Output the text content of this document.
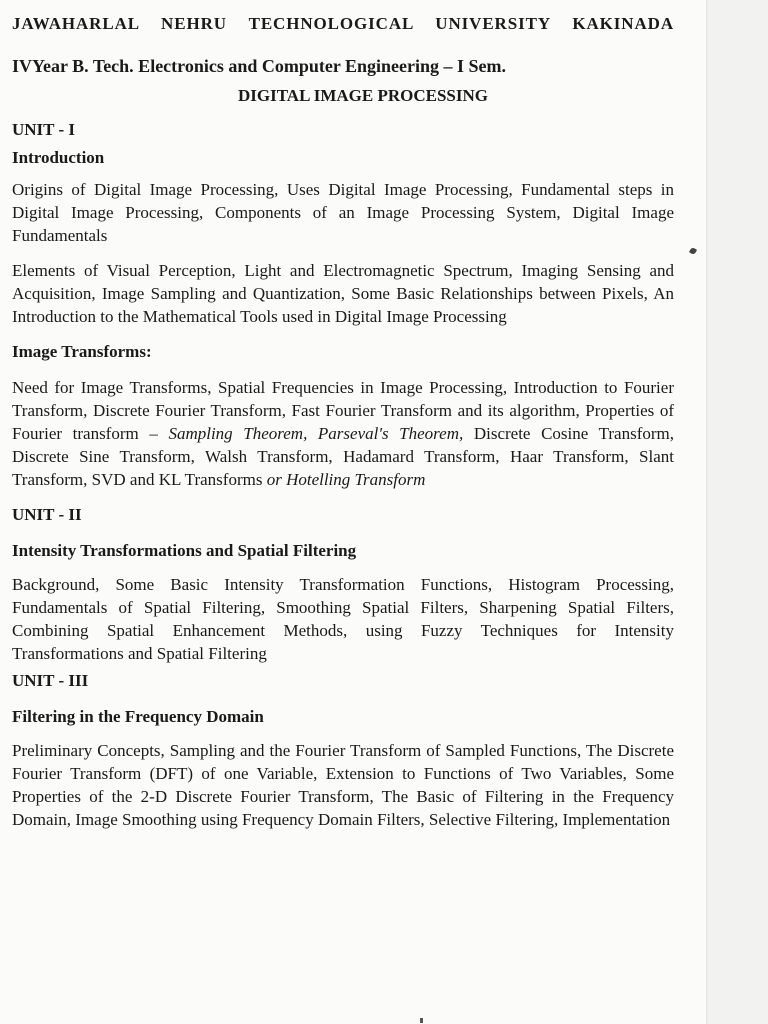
JAWAHARLAL NEHRU TECHNOLOGICAL UNIVERSITY KAKINADA

IVYear B. Tech. Electronics and Computer Engineering – I Sem.

DIGITAL IMAGE PROCESSING

UNIT - I

Introduction

Origins of Digital Image Processing, Uses Digital Image Processing, Fundamental steps in Digital Image Processing, Components of an Image Processing System, Digital Image Fundamentals

Elements of Visual Perception, Light and Electromagnetic Spectrum, Imaging Sensing and Acquisition, Image Sampling and Quantization, Some Basic Relationships between Pixels, An Introduction to the Mathematical Tools used in Digital Image Processing

Image Transforms:

Need for Image Transforms, Spatial Frequencies in Image Processing, Introduction to Fourier Transform, Discrete Fourier Transform, Fast Fourier Transform and its algorithm, Properties of Fourier transform – Sampling Theorem, Parseval's Theorem, Discrete Cosine Transform, Discrete Sine Transform, Walsh Transform, Hadamard Transform, Haar Transform, Slant Transform, SVD and KL Transforms or Hotelling Transform

UNIT - II

Intensity Transformations and Spatial Filtering

Background, Some Basic Intensity Transformation Functions, Histogram Processing, Fundamentals of Spatial Filtering, Smoothing Spatial Filters, Sharpening Spatial Filters, Combining Spatial Enhancement Methods, using Fuzzy Techniques for Intensity Transformations and Spatial Filtering

UNIT - III

Filtering in the Frequency Domain

Preliminary Concepts, Sampling and the Fourier Transform of Sampled Functions, The Discrete Fourier Transform (DFT) of one Variable, Extension to Functions of Two Variables, Some Properties of the 2-D Discrete Fourier Transform, The Basic of Filtering in the Frequency Domain, Image Smoothing using Frequency Domain Filters, Selective Filtering, Implementation
